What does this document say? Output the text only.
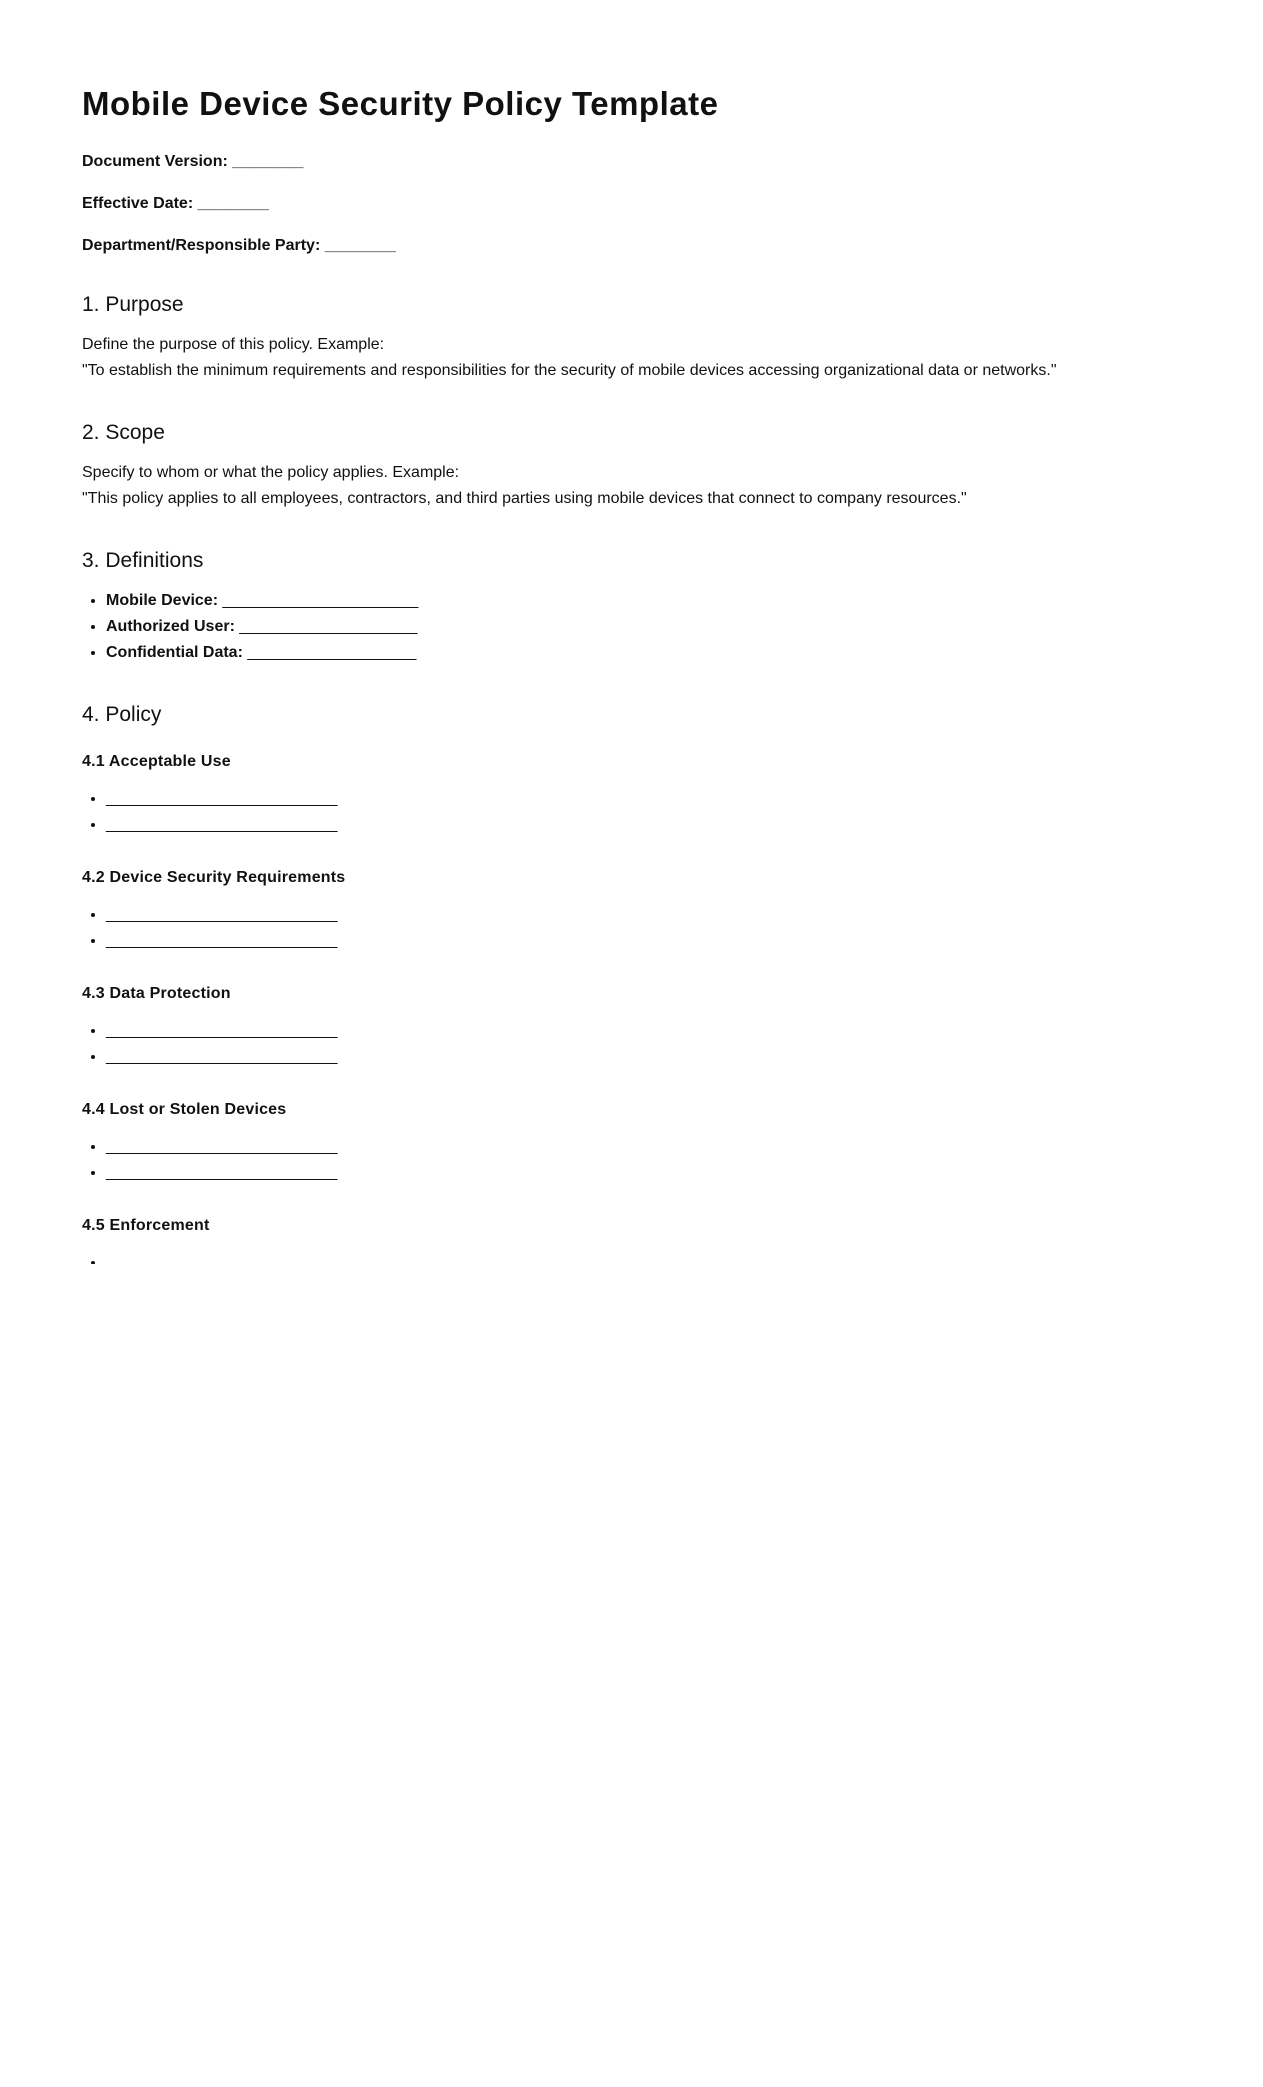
Mobile Device Security Policy Template
Document Version: ________
Effective Date: ________
Department/Responsible Party: ________
1. Purpose

Define the purpose of this policy. Example:

"To establish the minimum requirements and responsibilities for the security of mobile devices accessing organizational data or networks."

2. Scope

Specify to whom or what the policy applies. Example:

"This policy applies to all employees, contractors, and third parties using mobile devices that connect to company resources."

3. Definitions
• Mobile Device: ______________________
• Authorized User: ____________________
• Confidential Data: ___________________
4. Policy
4.1 Acceptable Use
• __________________________
• __________________________
4.2 Device Security Requirements
• __________________________
• __________________________
4.3 Data Protection
• __________________________
• __________________________
4.4 Lost or Stolen Devices
• __________________________
• __________________________
4.5 Enforcement
•
